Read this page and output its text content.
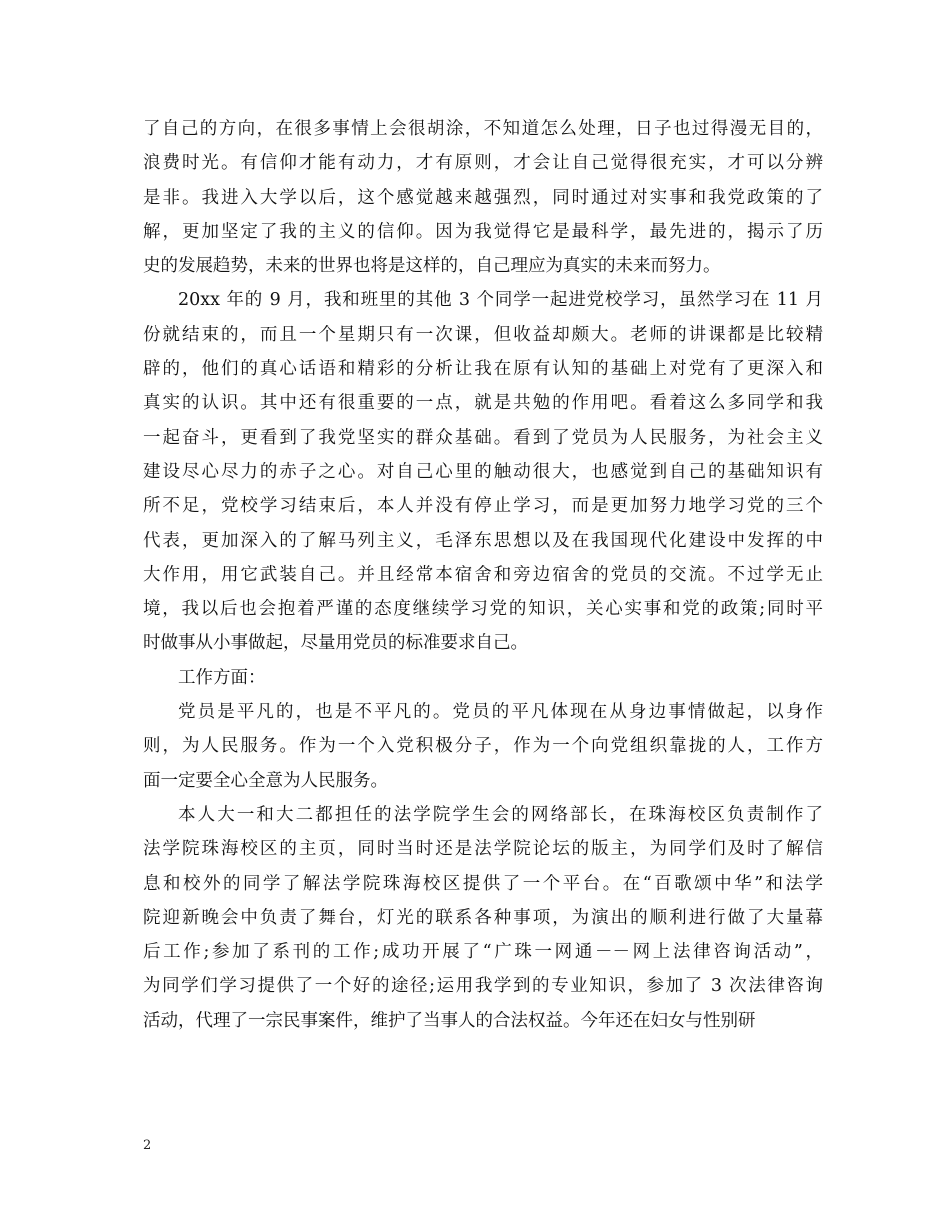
了自己的方向，在很多事情上会很胡涂，不知道怎么处理，日子也过得漫无目的，
浪费时光。有信仰才能有动力，才有原则，才会让自己觉得很充实，才可以分辨
是非。我进入大学以后，这个感觉越来越强烈，同时通过对实事和我党政策的了
解，更加坚定了我的主义的信仰。因为我觉得它是最科学，最先进的，揭示了历
史的发展趋势，未来的世界也将是这样的，自己理应为真实的未来而努力。

20xx 年的 9 月，我和班里的其他 3 个同学一起进党校学习，虽然学习在 11 月
份就结束的，而且一个星期只有一次课，但收益却颇大。老师的讲课都是比较精
辟的，他们的真心话语和精彩的分析让我在原有认知的基础上对党有了更深入和
真实的认识。其中还有很重要的一点，就是共勉的作用吧。看着这么多同学和我
一起奋斗，更看到了我党坚实的群众基础。看到了党员为人民服务，为社会主义
建设尽心尽力的赤子之心。对自己心里的触动很大，也感觉到自己的基础知识有
所不足，党校学习结束后，本人并没有停止学习，而是更加努力地学习党的三个
代表，更加深入的了解马列主义，毛泽东思想以及在我国现代化建设中发挥的中
大作用，用它武装自己。并且经常本宿舍和旁边宿舍的党员的交流。不过学无止
境，我以后也会抱着严谨的态度继续学习党的知识，关心实事和党的政策;同时平
时做事从小事做起，尽量用党员的标准要求自己。

工作方面：

党员是平凡的，也是不平凡的。党员的平凡体现在从身边事情做起，以身作
则，为人民服务。作为一个入党积极分子，作为一个向党组织靠拢的人，工作方
面一定要全心全意为人民服务。

本人大一和大二都担任的法学院学生会的网络部长，在珠海校区负责制作了
法学院珠海校区的主页，同时当时还是法学院论坛的版主，为同学们及时了解信
息和校外的同学了解法学院珠海校区提供了一个平台。在“百歌颂中华”和法学
院迎新晚会中负责了舞台，灯光的联系各种事项，为演出的顺利进行做了大量幕
后工作;参加了系刊的工作;成功开展了“广珠一网通－－网上法律咨询活动”，
为同学们学习提供了一个好的途径;运用我学到的专业知识，参加了 3 次法律咨询
活动，代理了一宗民事案件，维护了当事人的合法权益。今年还在妇女与性别研

2
